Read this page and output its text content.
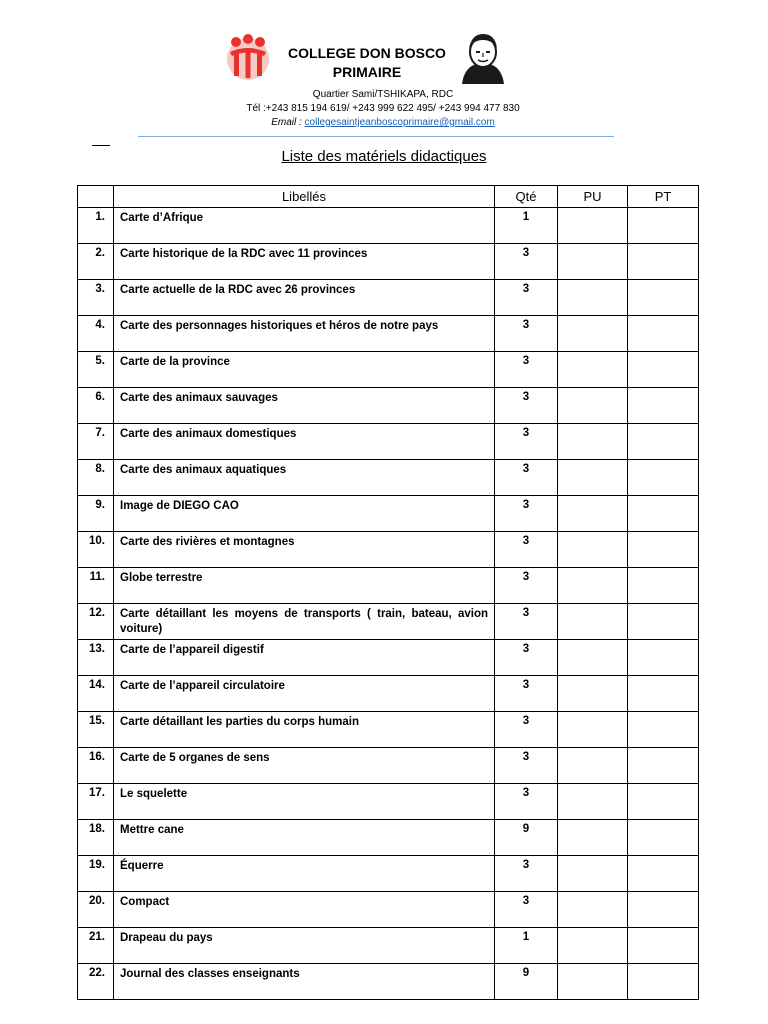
COLLEGE DON BOSCO
PRIMAIRE
Quartier Sami/TSHIKAPA, RDC
Tél :+243 815 194 619/ +243 999 622 495/ +243 994 477 830
Email : collegesaintjeanboscoprimaire@gmail.com
Liste des matériels didactiques
	Libellés	Qté	PU	PT
1.	Carte d’Afrique	1		
2.	Carte historique de la RDC avec 11 provinces	3		
3.	Carte actuelle de la RDC avec 26 provinces	3		
4.	Carte des personnages historiques et héros de notre pays	3		
5.	Carte de la province	3		
6.	Carte des animaux sauvages	3		
7.	Carte des animaux domestiques	3		
8.	Carte des animaux aquatiques	3		
9.	Image de DIEGO CAO	3		
10.	Carte des rivières et montagnes	3		
11.	Globe terrestre	3		
12.	Carte détaillant les moyens de transports ( train, bateau, avion voiture)	3		
13.	Carte de l’appareil digestif	3		
14.	Carte de l’appareil circulatoire	3		
15.	Carte détaillant les parties du corps humain	3		
16.	Carte de 5 organes de sens	3		
17.	Le squelette	3		
18.	Mettre cane	9		
19.	Équerre	3		
20.	Compact	3		
21.	Drapeau du pays	1		
22.	Journal des classes enseignants	9		
